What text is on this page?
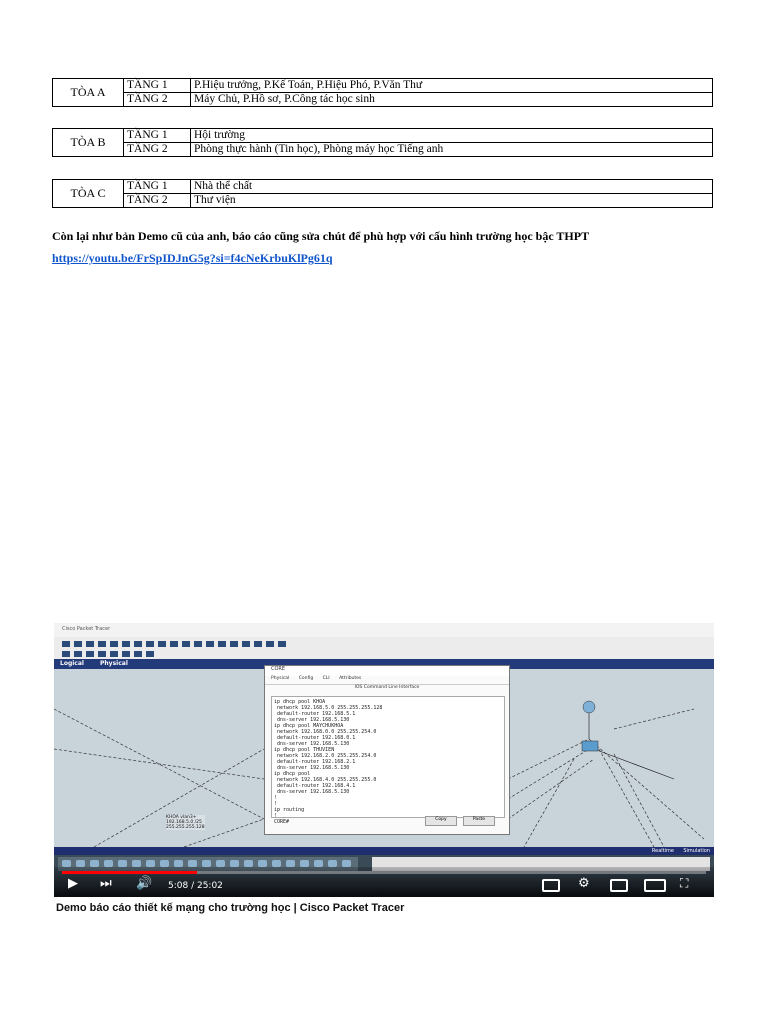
TÒA A	TẦNG 1	P.Hiệu trưởng, P.Kế Toán, P.Hiệu Phó, P.Văn Thư
	TẦNG 2	Máy Chủ, P.Hồ sơ, P.Công tác học sinh
TÒA B	TẦNG 1	Hội trường
	TẦNG 2	Phòng thực hành (Tin học), Phòng máy học Tiếng anh
TÒA C	TẦNG 1	Nhà thể chất
	TẦNG 2	Thư viện
Còn lại như bản Demo cũ của anh, báo cáo cũng sửa chút để phù hợp với cấu hình trường học bậc THPT
https://youtu.be/FrSpIDJnG5g?si=f4cNeKrbuKlPg61q
Cisco Packet Tracer
Logical	Physical
CORE
Physical Config CLI Attributes
IOS Command Line Interface
ip dhcp pool KHOA
network 192.168.5.0 255.255.255.128
default-router 192.168.5.1
dns-server 192.168.5.130
ip dhcp pool MAYCHUKHOA
network 192.168.0.0 255.255.254.0
default-router 192.168.0.1
dns-server 192.168.5.130
ip dhcp pool THUVIEN
network 192.168.2.0 255.255.254.0
default-router 192.168.2.1
dns-server 192.168.5.130
ip dhcp pool
network 192.168.4.0 255.255.255.0
default-router 192.168.4.1
dns-server 192.168.5.130
!
!
ip routing
!
CORE#	Copy	Paste
KHOA vlan3+
192.168.5.0 /25
255.255.255.128
Realtime Simulation
▶ ⏭ 🔊 5:08 / 25:02	⚙	⛶
Demo báo cáo thiết kế mạng cho trường học | Cisco Packet Tracer
